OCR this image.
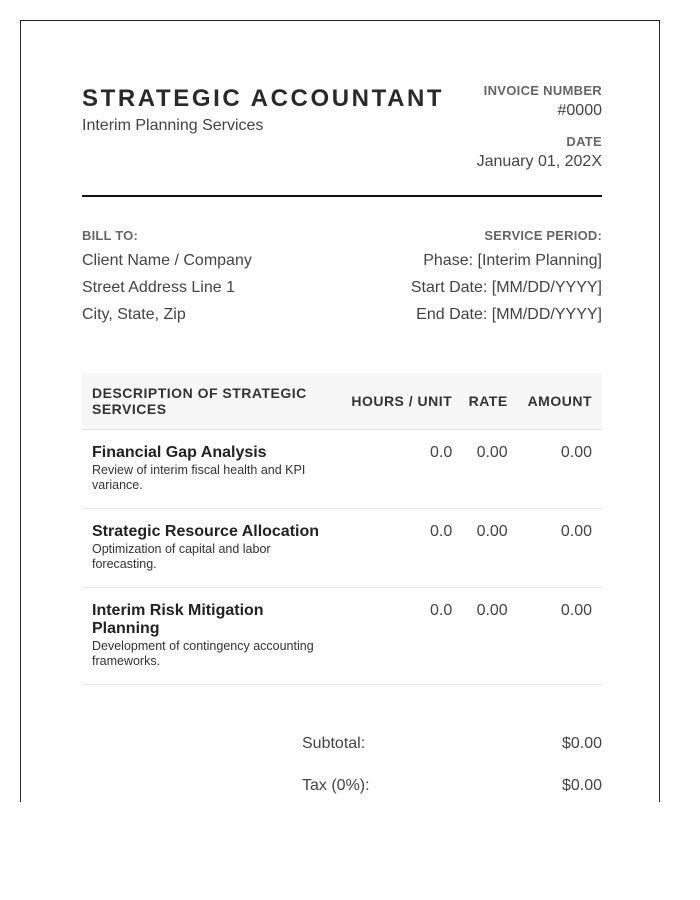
STRATEGIC ACCOUNTANT
Interim Planning Services
INVOICE NUMBER
#0000
DATE
January 01, 202X
BILL TO:
Client Name / Company
Street Address Line 1
City, State, Zip
SERVICE PERIOD:
Phase: [Interim Planning]
Start Date: [MM/DD/YYYY]
End Date: [MM/DD/YYYY]
DESCRIPTION OF STRATEGIC SERVICES	HOURS / UNIT	RATE	AMOUNT

Financial Gap Analysis
Review of interim fiscal health and KPI variance.	0.0	0.00	0.00

Strategic Resource Allocation
Optimization of capital and labor forecasting.	0.0	0.00	0.00

Interim Risk Mitigation Planning
Development of contingency accounting frameworks.	0.0	0.00	0.00
Subtotal:	$0.00
Tax (0%):	$0.00
